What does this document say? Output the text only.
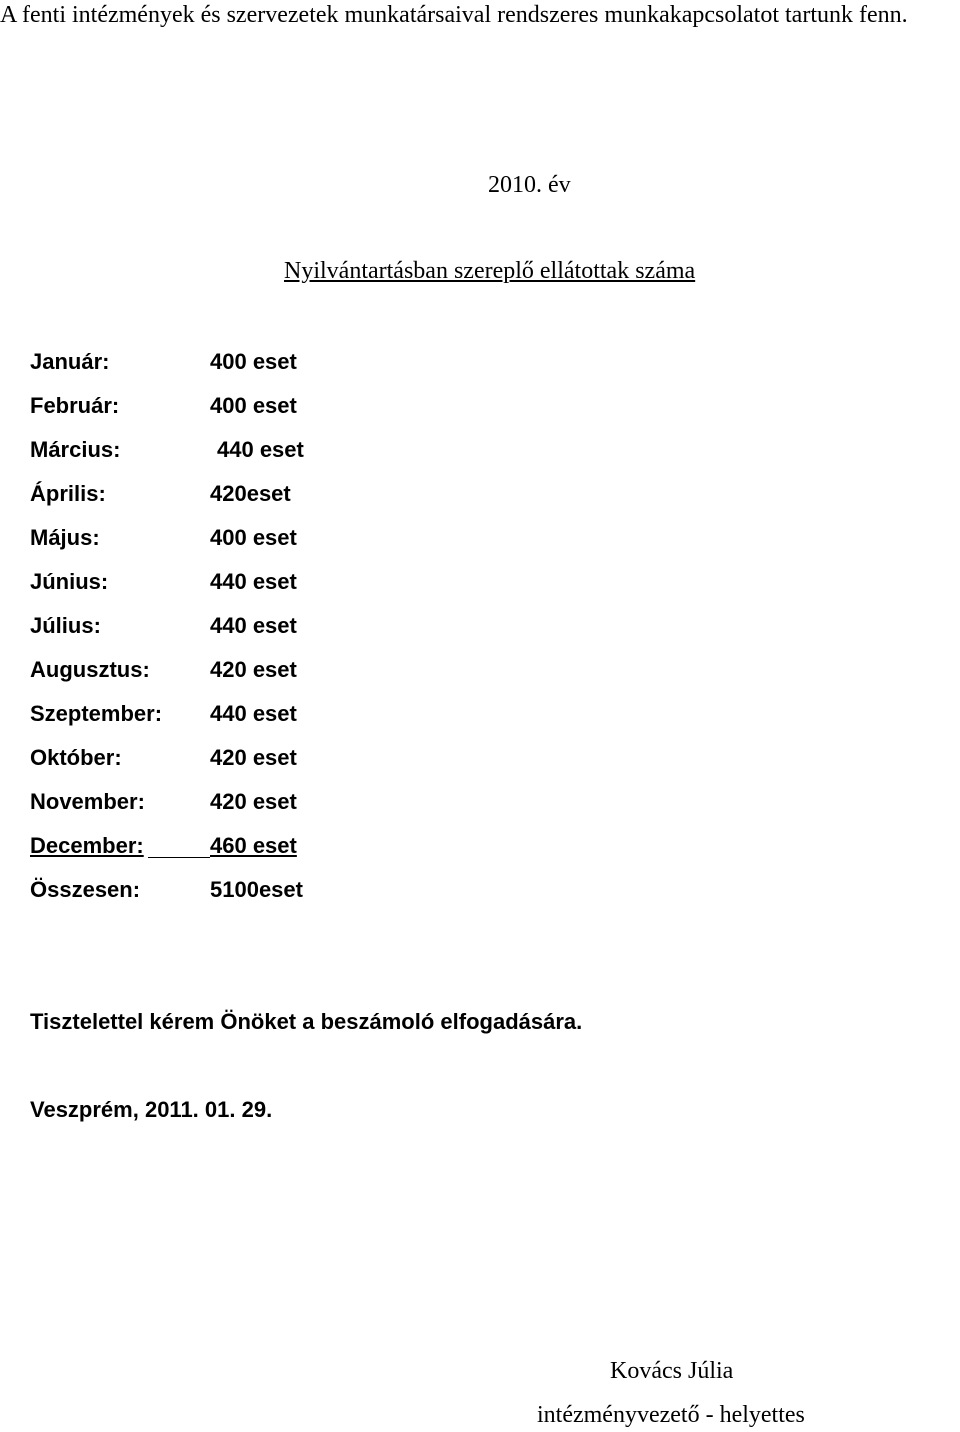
A fenti intézmények és szervezetek munkatársaival rendszeres munkakapcsolatot tartunk fenn.
2010. év
Nyilvántartásban szereplő ellátottak száma
Január:	400 eset
Február:	400 eset
Március:	440 eset
Április:	420eset
Május:	400 eset
Június:	440 eset
Július:	440 eset
Augusztus:	420 eset
Szeptember: 440 eset
Október:	420 eset
November:	420 eset
December:	460 eset
Összesen:	5100eset
Tisztelettel kérem Önöket a beszámoló elfogadására.
Veszprém, 2011. 01. 29.
Kovács Júlia
intézményvezető - helyettes
